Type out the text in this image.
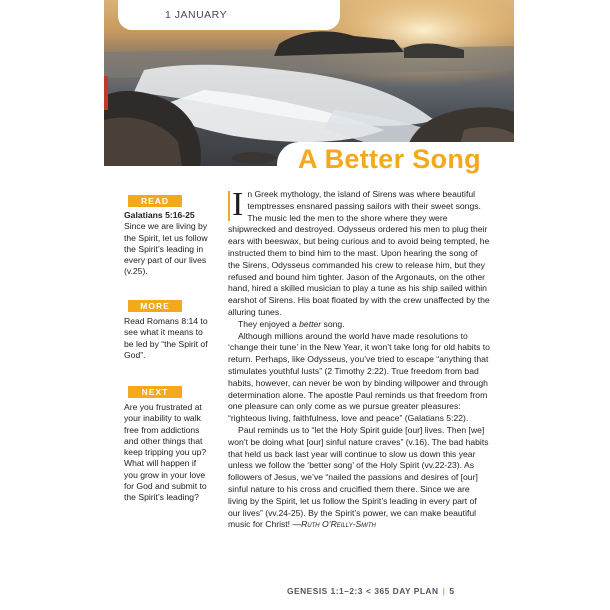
1 JANUARY
A Better Song
READ
Galatians 5:16-25
Since we are living by the Spirit, let us follow the Spirit’s leading in every part of our lives (v.25).
MORE
Read Romans 8:14 to see what it means to be led by “the Spirit of God”.
NEXT
Are you frustrated at your inability to walk free from addictions and other things that keep tripping you up? What will happen if you grow in your love for God and submit to the Spirit’s leading?

I n Greek mythology, the island of Sirens was where beautiful temptresses ensnared passing sailors with their sweet songs. The music led the men to the shore where they were shipwrecked and destroyed. Odysseus ordered his men to plug their ears with beeswax, but being curious and to avoid being tempted, he instructed them to bind him to the mast. Upon hearing the song of the Sirens, Odysseus commanded his crew to release him, but they refused and bound him tighter. Jason of the Argonauts, on the other hand, hired a skilled musician to play a tune as his ship sailed within earshot of Sirens. His boat floated by with the crew unaffected by the alluring tunes.

They enjoyed a better song.

Although millions around the world have made resolutions to ‘change their tune’ in the New Year, it won’t take long for old habits to return. Perhaps, like Odysseus, you’ve tried to escape “anything that stimulates youthful lusts” (2 Timothy 2:22). True freedom from bad habits, however, can never be won by binding willpower and through determination alone. The apostle Paul reminds us that freedom from one pleasure can only come as we pursue greater pleasures: “righteous living, faithfulness, love and peace” (Galatians 5:22).

Paul reminds us to “let the Holy Spirit guide [our] lives. Then [we] won’t be doing what [our] sinful nature craves” (v.16). The bad habits that held us back last year will continue to slow us down this year unless we follow the ‘better song’ of the Holy Spirit (vv.22-23). As followers of Jesus, we’ve “nailed the passions and desires of [our] sinful nature to his cross and crucified them there. Since we are living by the Spirit, let us follow the Spirit’s leading in every part of our lives” (vv.24-25). By the Spirit’s power, we can make beautiful music for Christ! —Ruth O’Reilly-Smith

GENESIS 1:1–2:3 < 365 DAY PLAN | 5
